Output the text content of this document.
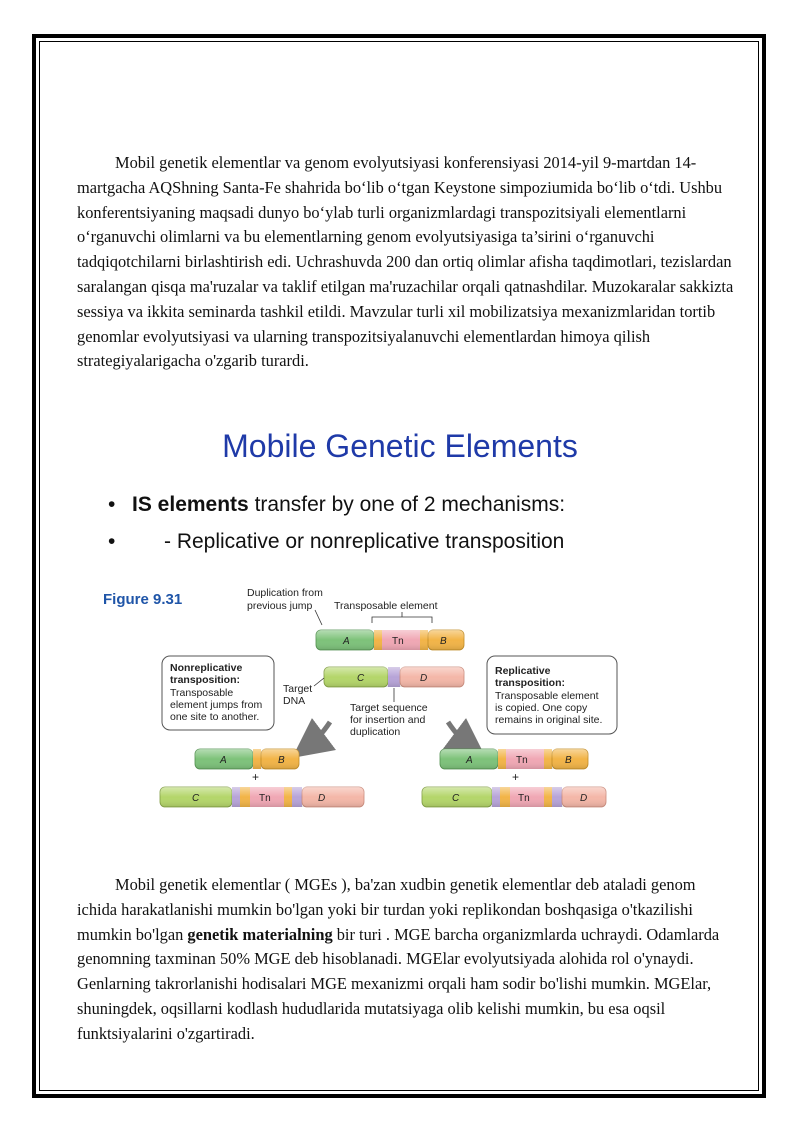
Mobil genetik elementlar va genom evolyutsiyasi konferensiyasi 2014-yil 9-martdan 14-martgacha AQShning Santa-Fe shahrida bo‘lib o‘tgan Keystone simpoziumida bo‘lib o‘tdi. Ushbu konferentsiyaning maqsadi dunyo bo‘ylab turli organizmlardagi transpozitsiyali elementlarni o‘rganuvchi olimlarni va bu elementlarning genom evolyutsiyasiga ta’sirini o‘rganuvchi tadqiqotchilarni birlashtirish edi. Uchrashuvda 200 dan ortiq olimlar afisha taqdimotlari, tezislardan saralangan qisqa ma'ruzalar va taklif etilgan ma'ruzachilar orqali qatnashdilar. Muzokaralar sakkizta sessiya va ikkita seminarda tashkil etildi. Mavzular turli xil mobilizatsiya mexanizmlaridan tortib genomlar evolyutsiyasi va ularning transpozitsiyalanuvchi elementlardan himoya qilish strategiyalarigacha o'zgarib turardi.

Mobile Genetic Elements
• IS elements transfer by one of 2 mechanisms:
• - Replicative or nonreplicative transposition
Figure 9.31	Duplication from
previous jump Transposable element
A	Tn	B
C	D
Target
DNA
Target sequence
for insertion and
duplication
Nonreplicative
transposition:
Transposable
element jumps from
one site to another.
Replicative
transposition:
Transposable element
is copied. One copy
remains in original site.
A	B
+
C	Tn	D
A	Tn	B
+
C	Tn	D

Mobil genetik elementlar ( MGEs ), ba'zan xudbin genetik elementlar deb ataladi genom ichida harakatlanishi mumkin bo'lgan yoki bir turdan yoki replikondan boshqasiga o'tkazilishi mumkin bo'lgan genetik materialning bir turi . MGE barcha organizmlarda uchraydi. Odamlarda genomning taxminan 50% MGE deb hisoblanadi. MGElar evolyutsiyada alohida rol o'ynaydi. Genlarning takrorlanishi hodisalari MGE mexanizmi orqali ham sodir bo'lishi mumkin. MGElar, shuningdek, oqsillarni kodlash hududlarida mutatsiyaga olib kelishi mumkin, bu esa oqsil funktsiyalarini o'zgartiradi.
